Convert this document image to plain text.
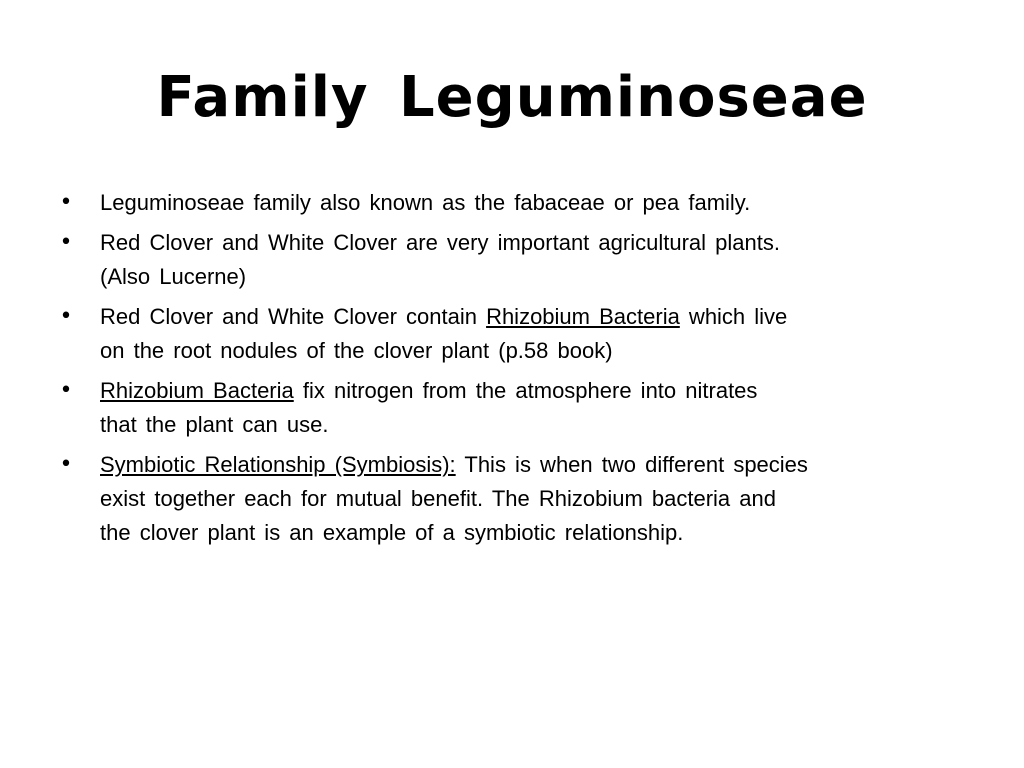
Family Leguminoseae
• Leguminoseae family also known as the fabaceae or pea family.
• Red Clover and White Clover are very important agricultural plants.
(Also Lucerne)
• Red Clover and White Clover contain Rhizobium Bacteria which live
on the root nodules of the clover plant (p.58 book)
• Rhizobium Bacteria fix nitrogen from the atmosphere into nitrates
that the plant can use.
• Symbiotic Relationship (Symbiosis): This is when two different species
exist together each for mutual benefit. The Rhizobium bacteria and
the clover plant is an example of a symbiotic relationship.
